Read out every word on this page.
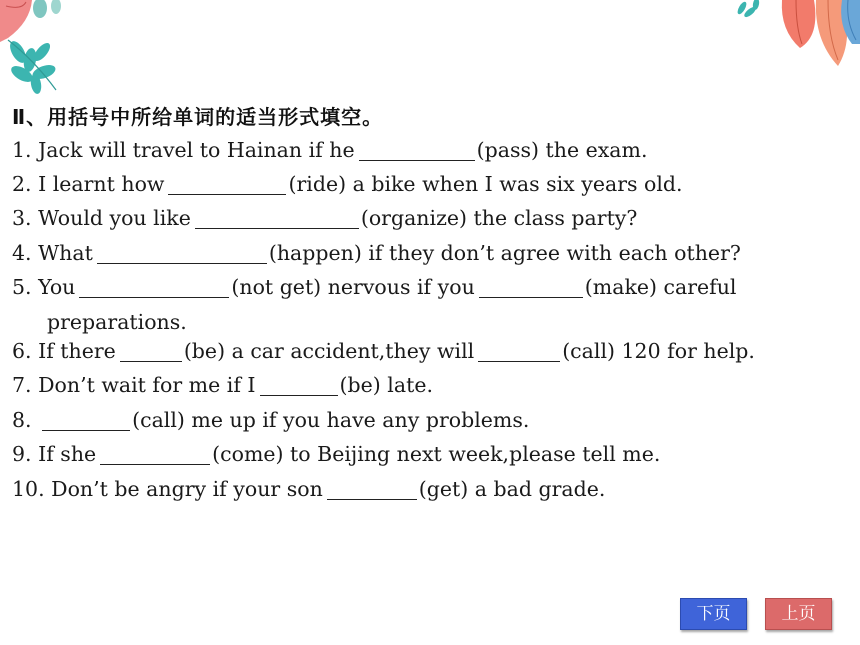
Ⅱ、用括号中所给单词的适当形式填空。
1. Jack will travel to Hainan if he	(pass) the exam.
2. I learnt how	(ride) a bike when I was six years old.
3. Would you like	(organize) the class party?
4. What	(happen) if they don’t agree with each other?
5. You	(not get) nervous if you	(make) careful
preparations.
6. If there	(be) a car accident,they will	(call) 120 for help.
7. Don’t wait for me if I	(be) late.
8.	(call) me up if you have any problems.
9. If she	(come) to Beijing next week,please tell me.
10. Don’t be angry if your son	(get) a bad grade.
下页	上页
